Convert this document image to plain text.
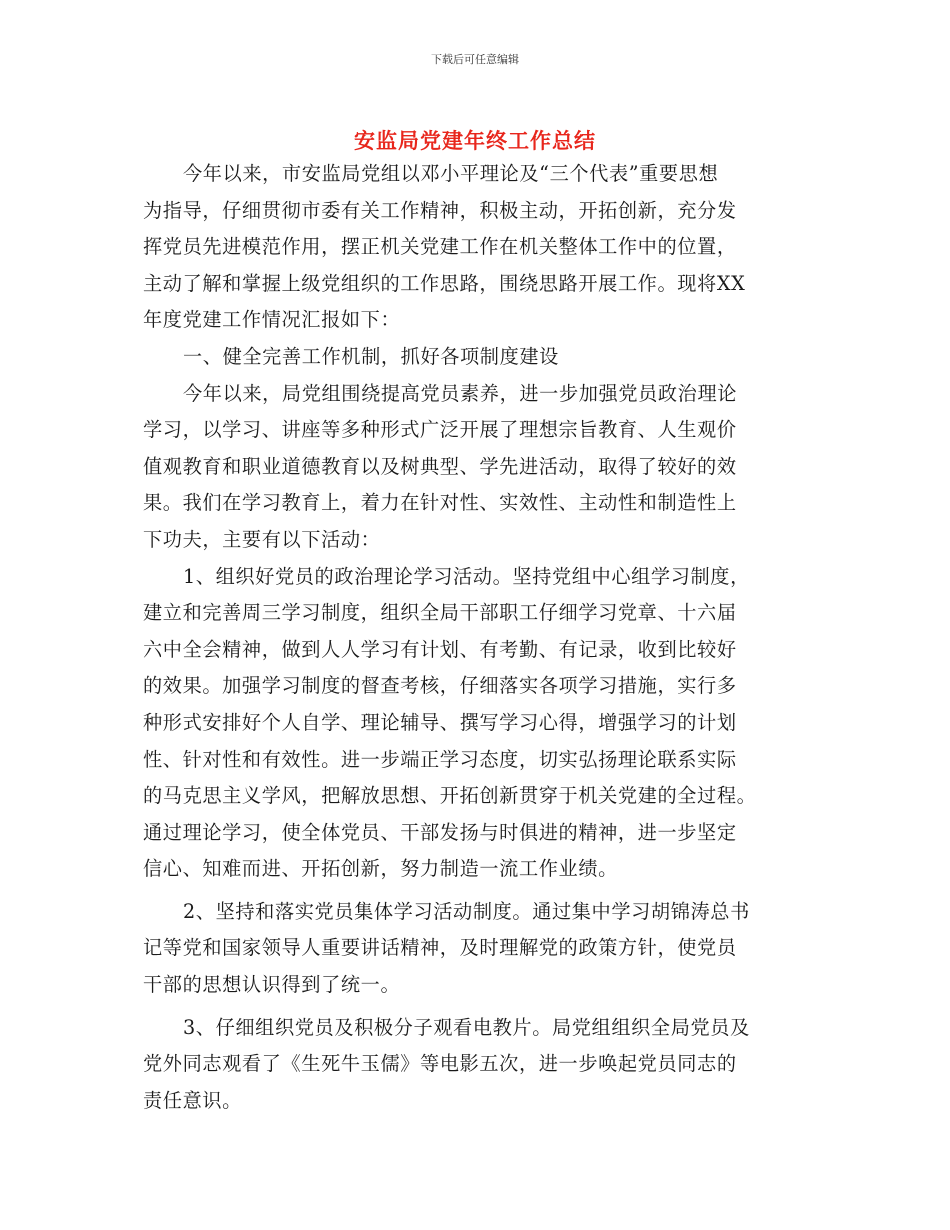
下载后可任意编辑
安监局党建年终工作总结

今年以来，市安监局党组以邓小平理论及“三个代表”重要思想
为指导，仔细贯彻市委有关工作精神，积极主动，开拓创新，充分发
挥党员先进模范作用，摆正机关党建工作在机关整体工作中的位置，
主动了解和掌握上级党组织的工作思路，围绕思路开展工作。现将XX
年度党建工作情况汇报如下：

一、健全完善工作机制，抓好各项制度建设

今年以来，局党组围绕提高党员素养，进一步加强党员政治理论
学习，以学习、讲座等多种形式广泛开展了理想宗旨教育、人生观价
值观教育和职业道德教育以及树典型、学先进活动，取得了较好的效
果。我们在学习教育上，着力在针对性、实效性、主动性和制造性上
下功夫，主要有以下活动：

1、组织好党员的政治理论学习活动。坚持党组中心组学习制度，
建立和完善周三学习制度，组织全局干部职工仔细学习党章、十六届
六中全会精神，做到人人学习有计划、有考勤、有记录，收到比较好
的效果。加强学习制度的督查考核，仔细落实各项学习措施，实行多
种形式安排好个人自学、理论辅导、撰写学习心得，增强学习的计划
性、针对性和有效性。进一步端正学习态度，切实弘扬理论联系实际
的马克思主义学风，把解放思想、开拓创新贯穿于机关党建的全过程。
通过理论学习，使全体党员、干部发扬与时俱进的精神，进一步坚定
信心、知难而进、开拓创新，努力制造一流工作业绩。

2、坚持和落实党员集体学习活动制度。通过集中学习胡锦涛总书
记等党和国家领导人重要讲话精神，及时理解党的政策方针，使党员
干部的思想认识得到了统一。

3、仔细组织党员及积极分子观看电教片。局党组组织全局党员及
党外同志观看了《生死牛玉儒》等电影五次，进一步唤起党员同志的
责任意识。
